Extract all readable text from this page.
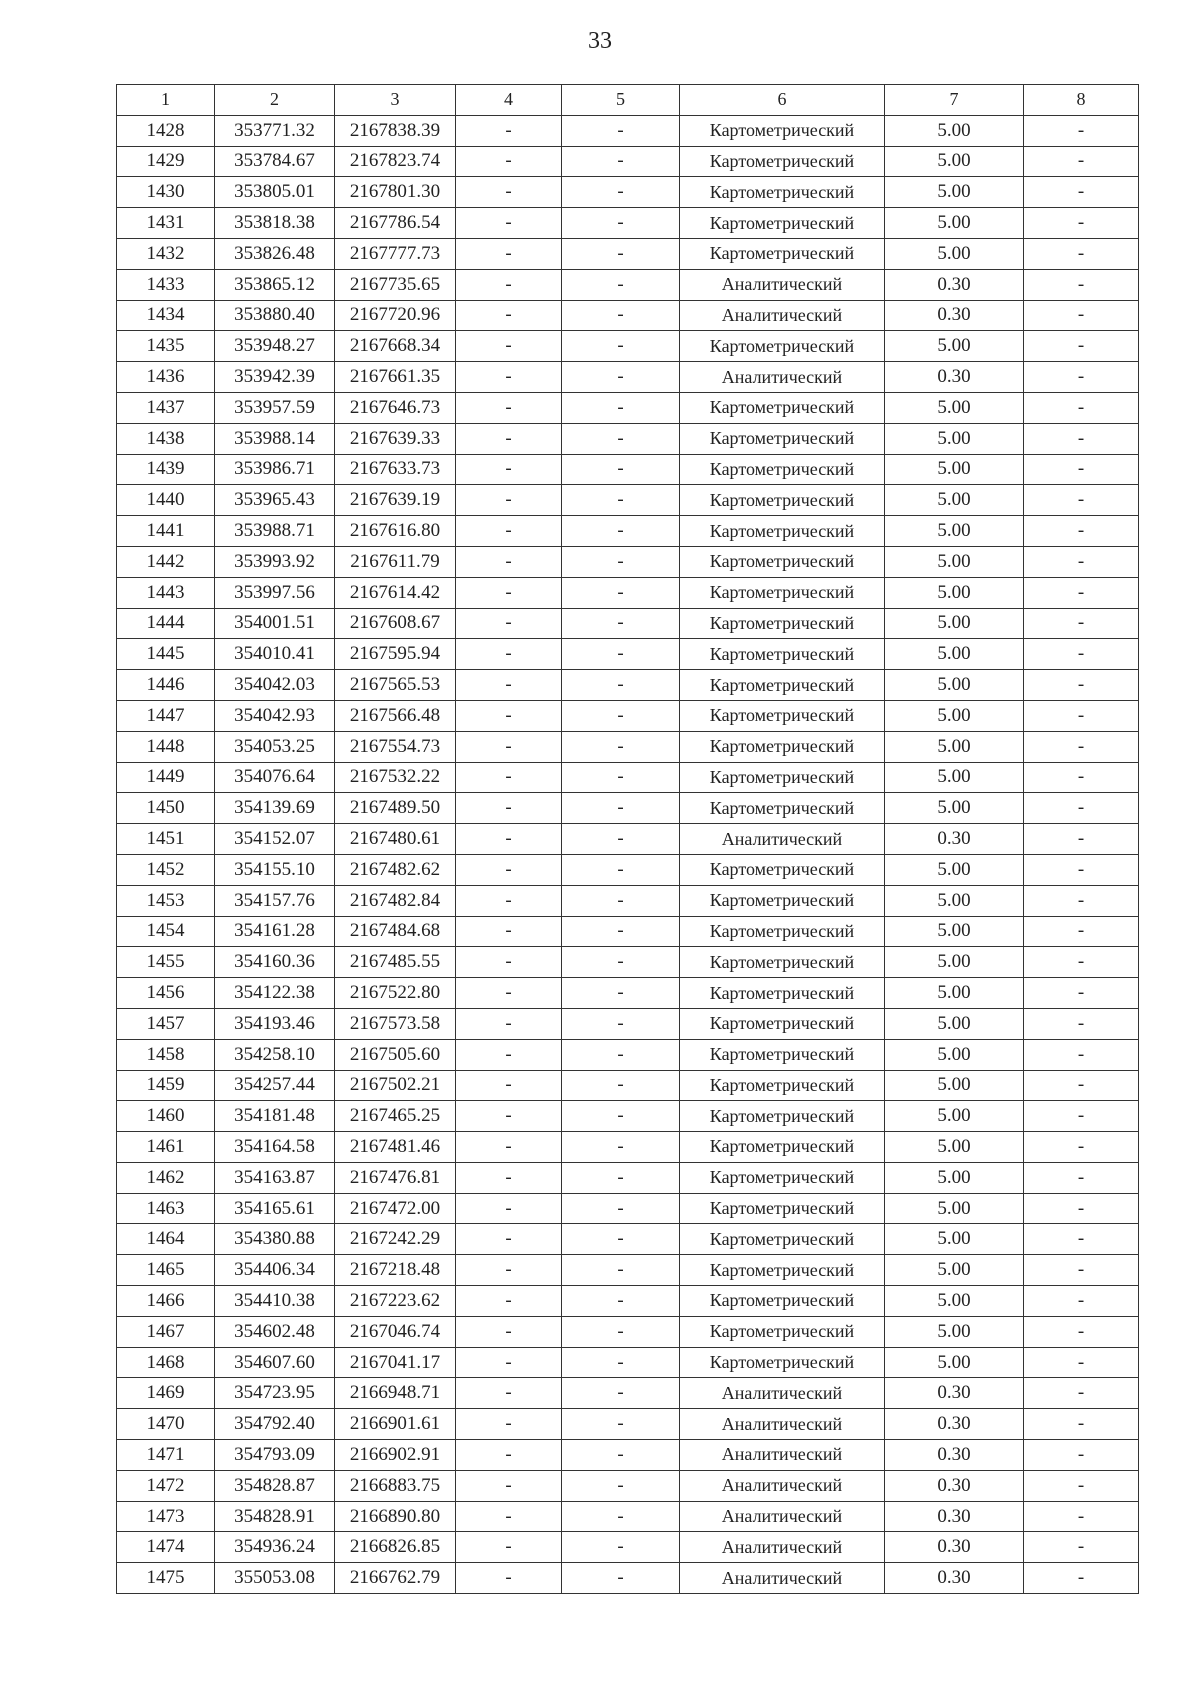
33
1	2	3	4	5	6	7	8
1428	353771.32	2167838.39	-	-	Картометрический	5.00	-
1429	353784.67	2167823.74	-	-	Картометрический	5.00	-
1430	353805.01	2167801.30	-	-	Картометрический	5.00	-
1431	353818.38	2167786.54	-	-	Картометрический	5.00	-
1432	353826.48	2167777.73	-	-	Картометрический	5.00	-
1433	353865.12	2167735.65	-	-	Аналитический	0.30	-
1434	353880.40	2167720.96	-	-	Аналитический	0.30	-
1435	353948.27	2167668.34	-	-	Картометрический	5.00	-
1436	353942.39	2167661.35	-	-	Аналитический	0.30	-
1437	353957.59	2167646.73	-	-	Картометрический	5.00	-
1438	353988.14	2167639.33	-	-	Картометрический	5.00	-
1439	353986.71	2167633.73	-	-	Картометрический	5.00	-
1440	353965.43	2167639.19	-	-	Картометрический	5.00	-
1441	353988.71	2167616.80	-	-	Картометрический	5.00	-
1442	353993.92	2167611.79	-	-	Картометрический	5.00	-
1443	353997.56	2167614.42	-	-	Картометрический	5.00	-
1444	354001.51	2167608.67	-	-	Картометрический	5.00	-
1445	354010.41	2167595.94	-	-	Картометрический	5.00	-
1446	354042.03	2167565.53	-	-	Картометрический	5.00	-
1447	354042.93	2167566.48	-	-	Картометрический	5.00	-
1448	354053.25	2167554.73	-	-	Картометрический	5.00	-
1449	354076.64	2167532.22	-	-	Картометрический	5.00	-
1450	354139.69	2167489.50	-	-	Картометрический	5.00	-
1451	354152.07	2167480.61	-	-	Аналитический	0.30	-
1452	354155.10	2167482.62	-	-	Картометрический	5.00	-
1453	354157.76	2167482.84	-	-	Картометрический	5.00	-
1454	354161.28	2167484.68	-	-	Картометрический	5.00	-
1455	354160.36	2167485.55	-	-	Картометрический	5.00	-
1456	354122.38	2167522.80	-	-	Картометрический	5.00	-
1457	354193.46	2167573.58	-	-	Картометрический	5.00	-
1458	354258.10	2167505.60	-	-	Картометрический	5.00	-
1459	354257.44	2167502.21	-	-	Картометрический	5.00	-
1460	354181.48	2167465.25	-	-	Картометрический	5.00	-
1461	354164.58	2167481.46	-	-	Картометрический	5.00	-
1462	354163.87	2167476.81	-	-	Картометрический	5.00	-
1463	354165.61	2167472.00	-	-	Картометрический	5.00	-
1464	354380.88	2167242.29	-	-	Картометрический	5.00	-
1465	354406.34	2167218.48	-	-	Картометрический	5.00	-
1466	354410.38	2167223.62	-	-	Картометрический	5.00	-
1467	354602.48	2167046.74	-	-	Картометрический	5.00	-
1468	354607.60	2167041.17	-	-	Картометрический	5.00	-
1469	354723.95	2166948.71	-	-	Аналитический	0.30	-
1470	354792.40	2166901.61	-	-	Аналитический	0.30	-
1471	354793.09	2166902.91	-	-	Аналитический	0.30	-
1472	354828.87	2166883.75	-	-	Аналитический	0.30	-
1473	354828.91	2166890.80	-	-	Аналитический	0.30	-
1474	354936.24	2166826.85	-	-	Аналитический	0.30	-
1475	355053.08	2166762.79	-	-	Аналитический	0.30	-
